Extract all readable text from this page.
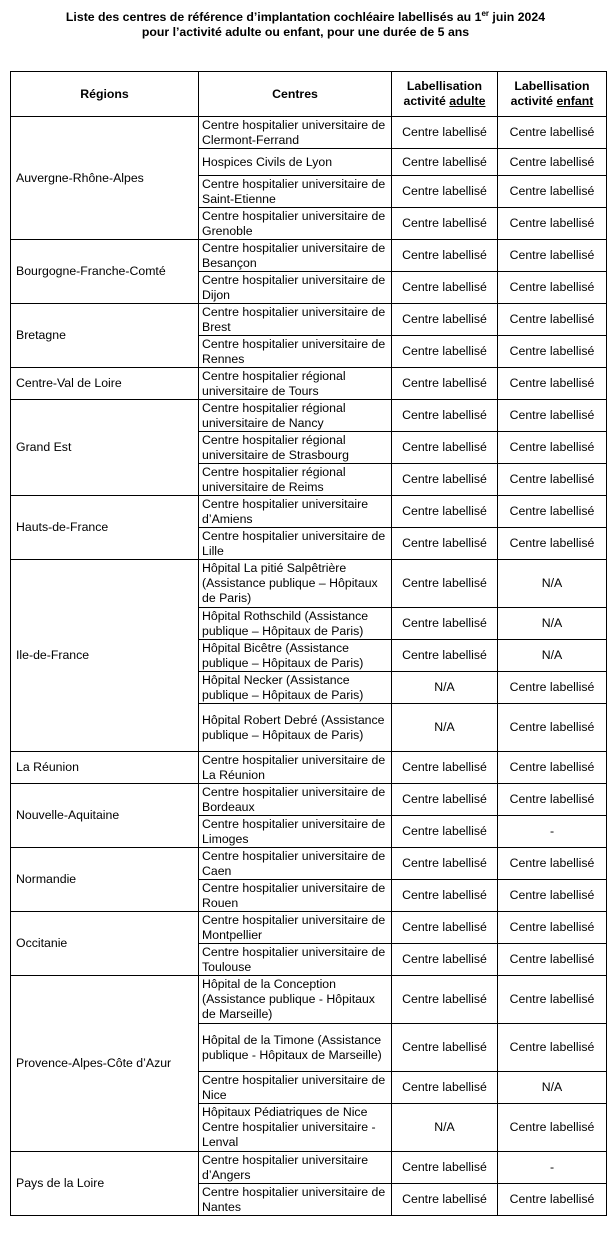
Liste des centres de référence d’implantation cochléaire labellisés au 1er juin 2024
pour l’activité adulte ou enfant, pour une durée de 5 ans
Régions	Centres	Labellisation activité adulte	Labellisation activité enfant
Auvergne-Rhône-Alpes	Centre hospitalier universitaire de Clermont-Ferrand	Centre labellisé	Centre labellisé
	Hospices Civils de Lyon	Centre labellisé	Centre labellisé
	Centre hospitalier universitaire de Saint-Etienne	Centre labellisé	Centre labellisé
	Centre hospitalier universitaire de Grenoble	Centre labellisé	Centre labellisé
Bourgogne-Franche-Comté	Centre hospitalier universitaire de Besançon	Centre labellisé	Centre labellisé
	Centre hospitalier universitaire de Dijon	Centre labellisé	Centre labellisé
Bretagne	Centre hospitalier universitaire de Brest	Centre labellisé	Centre labellisé
	Centre hospitalier universitaire de Rennes	Centre labellisé	Centre labellisé
Centre-Val de Loire	Centre hospitalier régional universitaire de Tours	Centre labellisé	Centre labellisé
Grand Est	Centre hospitalier régional universitaire de Nancy	Centre labellisé	Centre labellisé
	Centre hospitalier régional universitaire de Strasbourg	Centre labellisé	Centre labellisé
	Centre hospitalier régional universitaire de Reims	Centre labellisé	Centre labellisé
Hauts-de-France	Centre hospitalier universitaire d’Amiens	Centre labellisé	Centre labellisé
	Centre hospitalier universitaire de Lille	Centre labellisé	Centre labellisé
Ile-de-France	Hôpital La pitié Salpêtrière (Assistance publique – Hôpitaux de Paris)	Centre labellisé	N/A
	Hôpital Rothschild (Assistance publique – Hôpitaux de Paris)	Centre labellisé	N/A
	Hôpital Bicêtre (Assistance publique – Hôpitaux de Paris)	Centre labellisé	N/A
	Hôpital Necker (Assistance publique – Hôpitaux de Paris)	N/A	Centre labellisé
	Hôpital Robert Debré (Assistance publique – Hôpitaux de Paris)	N/A	Centre labellisé
La Réunion	Centre hospitalier universitaire de La Réunion	Centre labellisé	Centre labellisé
Nouvelle-Aquitaine	Centre hospitalier universitaire de Bordeaux	Centre labellisé	Centre labellisé
	Centre hospitalier universitaire de Limoges	Centre labellisé	-
Normandie	Centre hospitalier universitaire de Caen	Centre labellisé	Centre labellisé
	Centre hospitalier universitaire de Rouen	Centre labellisé	Centre labellisé
Occitanie	Centre hospitalier universitaire de Montpellier	Centre labellisé	Centre labellisé
	Centre hospitalier universitaire de Toulouse	Centre labellisé	Centre labellisé
Provence-Alpes-Côte d’Azur	Hôpital de la Conception (Assistance publique - Hôpitaux de Marseille)	Centre labellisé	Centre labellisé
	Hôpital de la Timone (Assistance publique - Hôpitaux de Marseille)	Centre labellisé	Centre labellisé
	Centre hospitalier universitaire de Nice	Centre labellisé	N/A
	Hôpitaux Pédiatriques de Nice Centre hospitalier universitaire - Lenval	N/A	Centre labellisé
Pays de la Loire	Centre hospitalier universitaire d’Angers	Centre labellisé	-
	Centre hospitalier universitaire de Nantes	Centre labellisé	Centre labellisé
